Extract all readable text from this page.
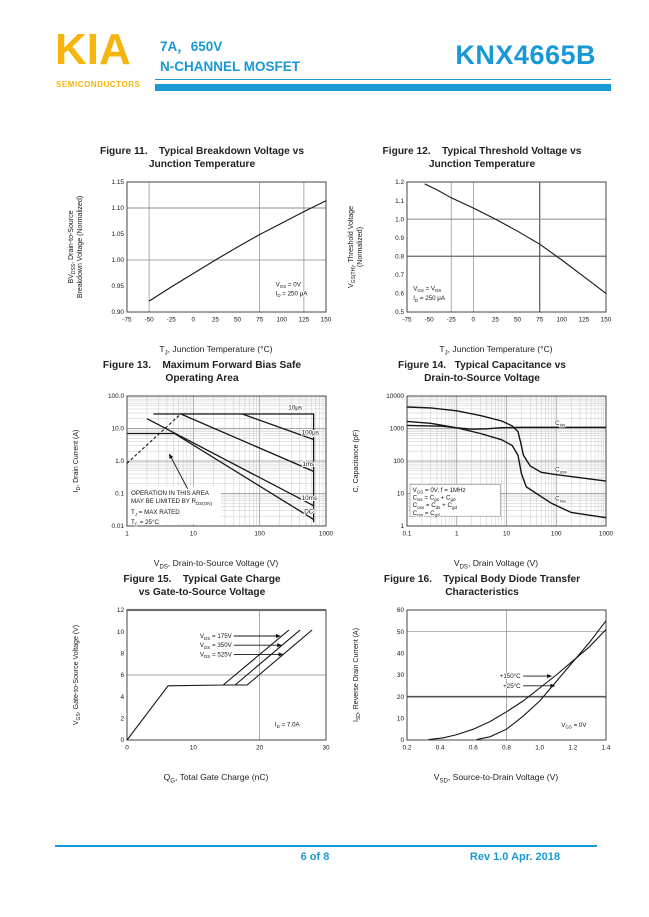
KIA
SEMICONDUCTORS
7A，650V
N-CHANNEL MOSFET	KNX4665B
Figure 11.    Typical Breakdown Voltage vs
Junction Temperature
-75 -50 -25 0	25 50 75 100 125 150
0.90
0.95
1.00
1.05
1.10
1.15
$V_{GS} = 0V$
$I_D = 250$ μA
$BV_{DSS}$, Drain-to-Source Breakdown Voltage (Normalized)
$T_J$, Junction Temperature (°C)
Figure 12.    Typical Threshold Voltage vs
Junction Temperature
-75 -50 -25 0	25 50 75 100 125 150
0.5
0.6
0.7
0.8
0.9
1.0
1.1
1.2
$V_{GS} = V_{DS}$
$I_D = 250$ μA
$V_{GS(TH)}$, Threshold Voltage (Normalized)
$T_J$, Junction Temperature (°C)
Figure 13.    Maximum Forward Bias Safe
Operating Area
1	10	100	1000
0.01
0.1
1.0
10.0
100.0
10μs
100μs
1ms
10ms
DC
OPERATION IN THIS AREA
MAY BE LIMITED BY $R_{DS(ON)}$
$T_J$ = MAX RATED
$T_C = 25^\circ C$
$I_D$, Drain Current (A)
$V_{DS}$, Drain-to-Source Voltage (V)
Figure 14.   Typical Capacitance vs
Drain-to-Source Voltage
0.1	1	10	100	1000
1
10
100
1000
10000
$C_{iss}$
$C_{oss}$
$C_{rss}$
$V_{GS} = 0V$, f = 1MHz
$C_{iss} = C_{gs} + C_{gd}$
$C_{oss} = C_{ds} + C_{gd}$
$C_{rss} = C_{gd}$
C, Capacitance (pF)
$V_{DS}$, Drain Voltage (V)
Figure 15.    Typical Gate Charge
vs Gate-to-Source Voltage
0	10	20	30
0
2
4
6
8
10
12
$V_{DS} = 175V$
$V_{DS} = 350V$
$V_{DS} = 525V$
$I_D = 7.0A$
$V_{GS}$, Gate-to-Source Voltage (V)
$Q_G$, Total Gate Charge (nC)
Figure 16.    Typical Body Diode Transfer
Characteristics
0.2	0.4	0.6	0.8	1.0	1.2	1.4
0
10
20
30
40
50
60
+150°C
+25°C
$V_{GS} = 0V$
$I_{SD}$, Reverse Drain Current (A)
$V_{SD}$, Source-to-Drain Voltage (V)
6 of 8	Rev 1.0 Apr. 2018
